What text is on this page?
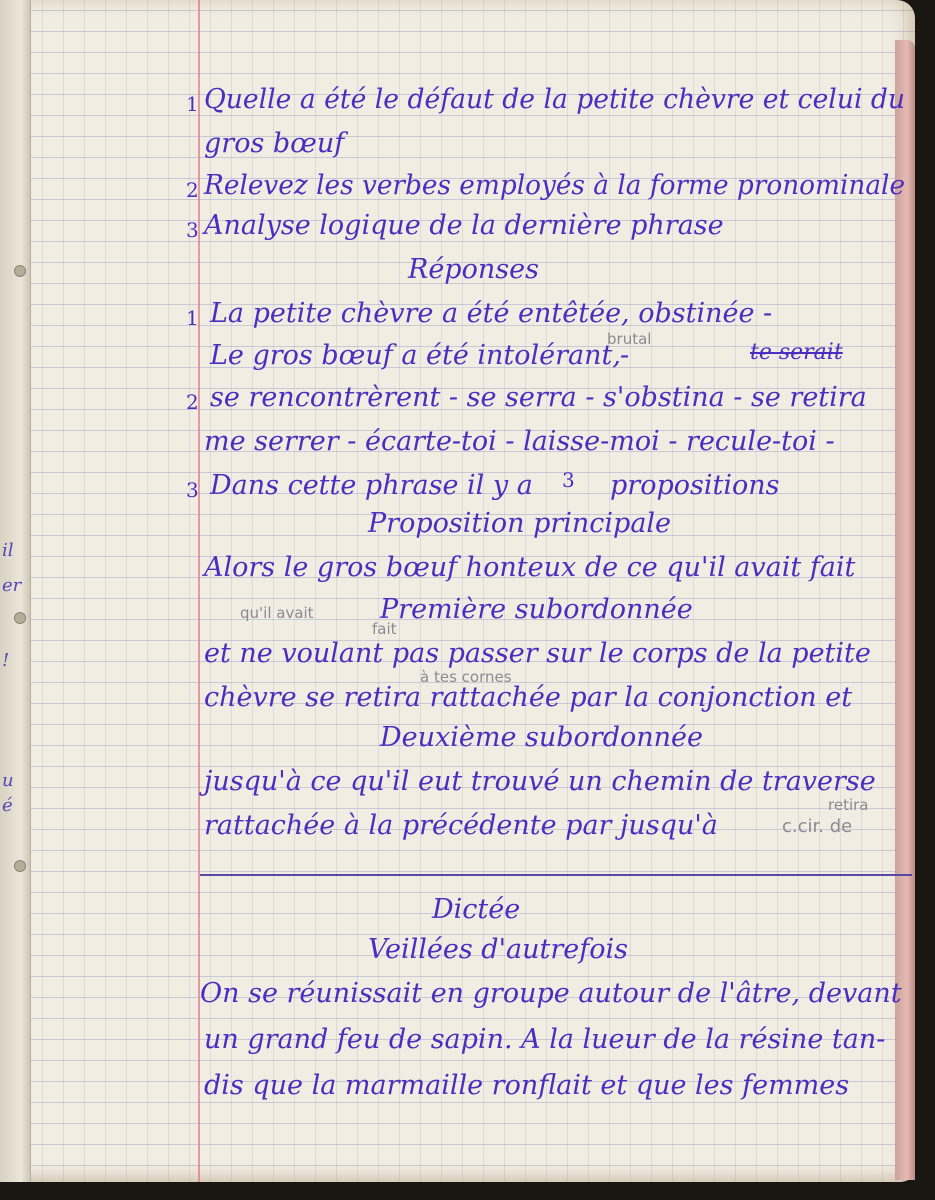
il
er
!
u
é
1 Quelle a été le défaut de la petite chèvre et celui du
gros bœuf
2 Relevez les verbes employés à la forme pronominale
3 Analyse logique de la dernière phrase
Réponses
1 La petite chèvre a été entêtée, obstinée -
brutal
Le gros bœuf a été intolérant, -	te serait
2 se rencontrèrent - se serra - s'obstina - se retira
me serrer - écarte-toi - laisse-moi - recule-toi -
3 Dans cette phrase il y a 3 propositions
Proposition principale
Alors le gros bœuf honteux de ce qu'il avait fait
qu'il avait
fait
Première subordonnée
et ne voulant pas passer sur le corps de la petite
à tes cornes
chèvre se retira rattachée par la conjonction et
Deuxième subordonnée
jusqu'à ce qu'il eut trouvé un chemin de traverse
retira
rattachée à la précédente par jusqu'à	c.cir. de
Dictée
Veillées d'autrefois
On se réunissait en groupe autour de l'âtre, devant
un grand feu de sapin. A la lueur de la résine tan-
dis que la marmaille ronflait et que les femmes
